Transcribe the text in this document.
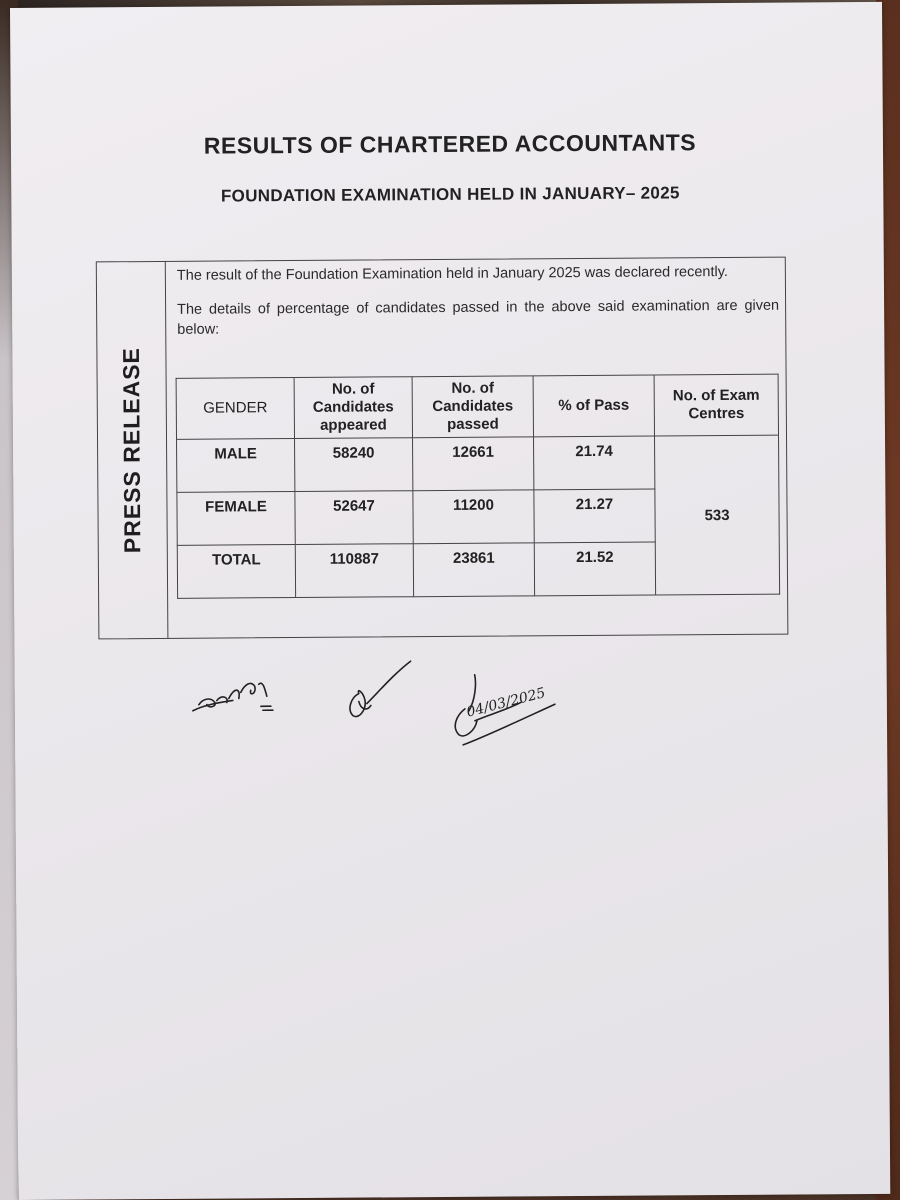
RESULTS OF CHARTERED ACCOUNTANTS
FOUNDATION EXAMINATION HELD IN JANUARY– 2025
PRESS RELEASE

The result of the Foundation Examination held in January 2025 was declared recently.

The details of percentage of candidates passed in the above said examination are given below:

GENDER	No. of Candidates appeared	No. of Candidates passed	% of Pass	No. of Exam Centres
MALE	58240	12661	21.74	533
FEMALE	52647	11200	21.27	
TOTAL	110887	23861	21.52	
04/03/2025
